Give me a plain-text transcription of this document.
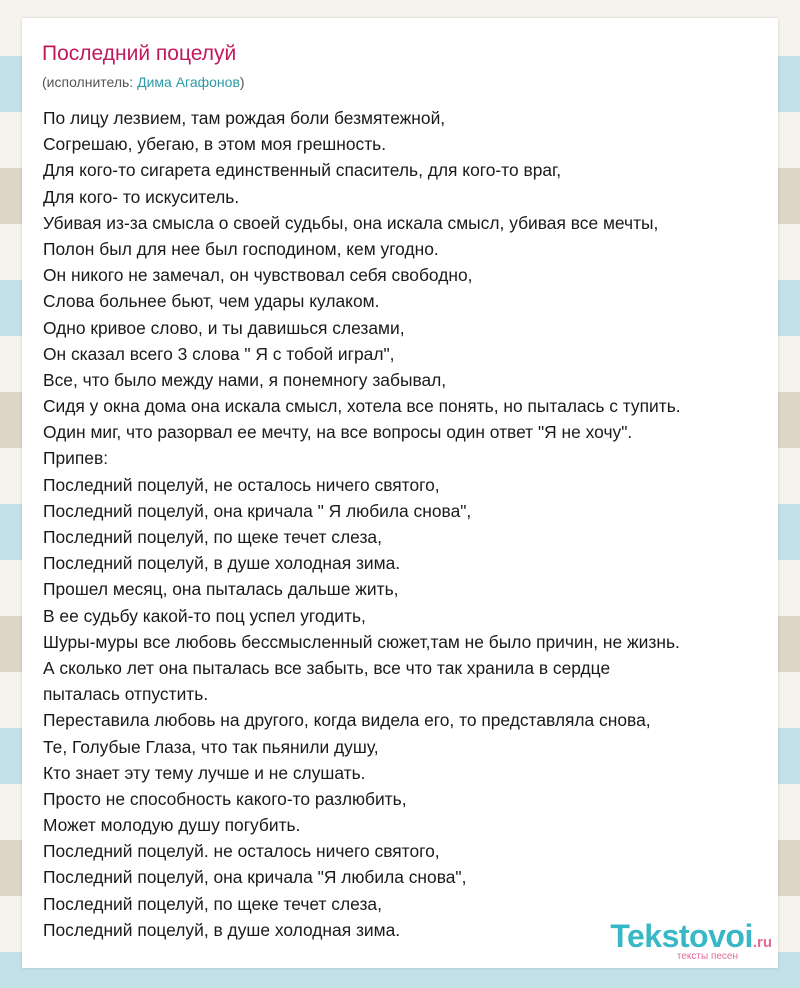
Последний поцелуй
(исполнитель: Дима Агафонов)
По лицу лезвием, там рождая боли безмятежной,
Согрешаю, убегаю, в этом моя грешность.
Для кого-то сигарета единственный спаситель, для кого-то враг,
Для кого- то искуситель.
Убивая из-за смысла о своей судьбы, она искала смысл, убивая все мечты,
Полон был для нее был господином, кем угодно.
Он никого не замечал, он чувствовал себя свободно,
Слова больнее бьют, чем удары кулаком.
Одно кривое слово, и ты давишься слезами,
Он сказал всего 3 слова " Я с тобой играл",
Все, что было между нами, я понемногу забывал,
Сидя у окна дома она искала смысл, хотела все понять, но пыталась с тупить.
Один миг, что разорвал ее мечту, на все вопросы один ответ "Я не хочу".
Припев:
Последний поцелуй, не осталось ничего святого,
Последний поцелуй, она кричала " Я любила снова",
Последний поцелуй, по щеке течет слеза,
Последний поцелуй, в душе холодная зима.
Прошел месяц, она пыталась дальше жить,
В ее судьбу какой-то поц успел угодить,
Шуры-муры все любовь бессмысленный сюжет,там не было причин, не жизнь.
А сколько лет она пыталась все забыть, все что так хранила в сердце
пыталась отпустить.
Переставила любовь на другого, когда видела его, то представляла снова,
Те, Голубые Глаза, что так пьянили душу,
Кто знает эту тему лучше и не слушать.
Просто не способность какого-то разлюбить,
Может молодую душу погубить.
Последний поцелуй. не осталось ничего святого,
Последний поцелуй, она кричала "Я любила снова",
Последний поцелуй, по щеке течет слеза,
Последний поцелуй, в душе холодная зима.	Tekstovoi.ru
тексты песен
